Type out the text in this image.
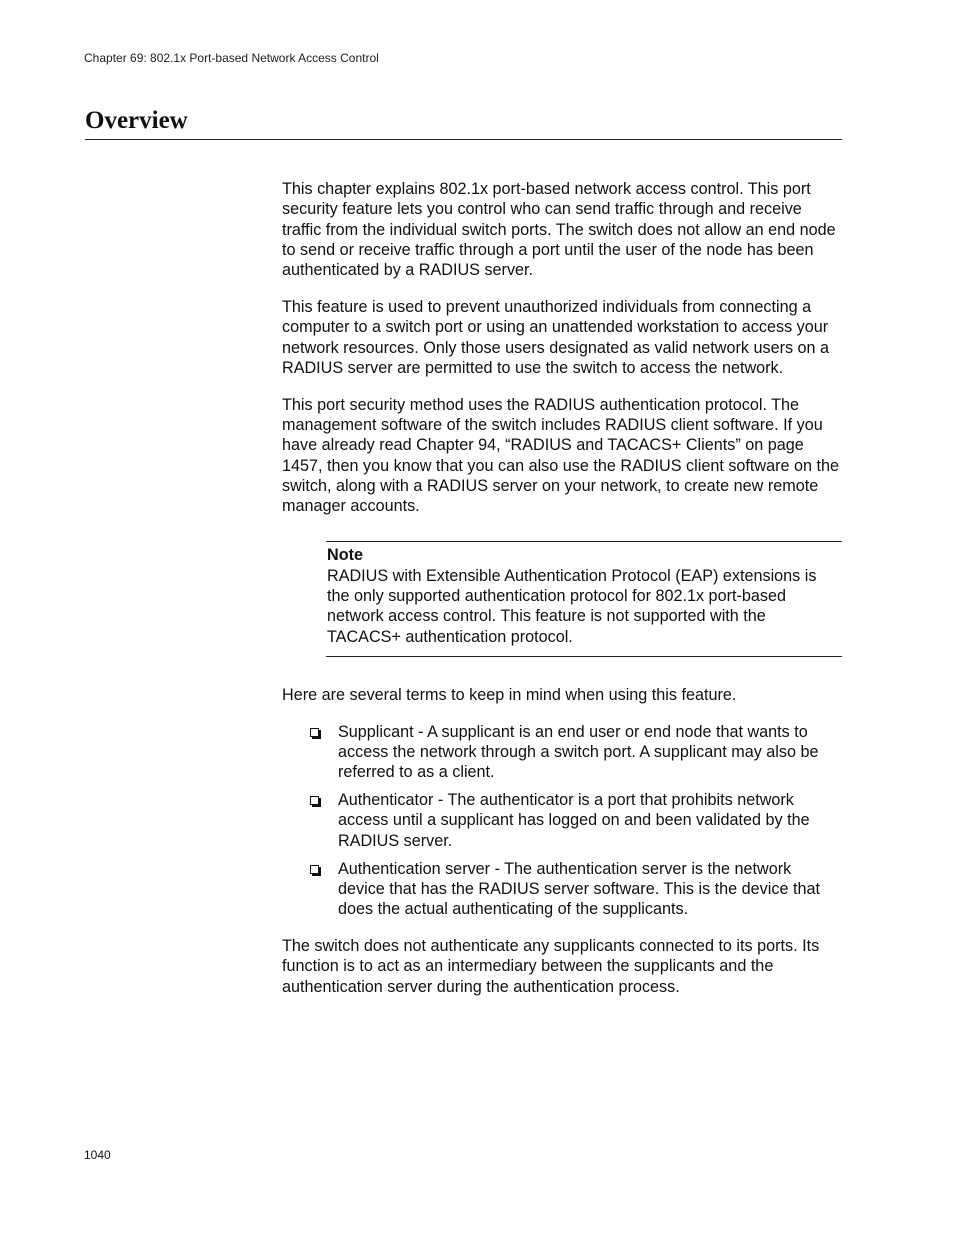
Chapter 69: 802.1x Port-based Network Access Control
Overview

This chapter explains 802.1x port-based network access control. This port security feature lets you control who can send traffic through and receive traffic from the individual switch ports. The switch does not allow an end node to send or receive traffic through a port until the user of the node has been authenticated by a RADIUS server.

This feature is used to prevent unauthorized individuals from connecting a computer to a switch port or using an unattended workstation to access your network resources. Only those users designated as valid network users on a RADIUS server are permitted to use the switch to access the network.

This port security method uses the RADIUS authentication protocol. The management software of the switch includes RADIUS client software. If you have already read Chapter 94, “RADIUS and TACACS+ Clients” on page 1457, then you know that you can also use the RADIUS client software on the switch, along with a RADIUS server on your network, to create new remote manager accounts.

Note
RADIUS with Extensible Authentication Protocol (EAP) extensions is the only supported authentication protocol for 802.1x port-based network access control. This feature is not supported with the TACACS+ authentication protocol.

Here are several terms to keep in mind when using this feature.

Supplicant - A supplicant is an end user or end node that wants to access the network through a switch port. A supplicant may also be referred to as a client.
Authenticator - The authenticator is a port that prohibits network access until a supplicant has logged on and been validated by the RADIUS server.
Authentication server - The authentication server is the network device that has the RADIUS server software. This is the device that does the actual authenticating of the supplicants.

The switch does not authenticate any supplicants connected to its ports. Its function is to act as an intermediary between the supplicants and the authentication server during the authentication process.

1040
